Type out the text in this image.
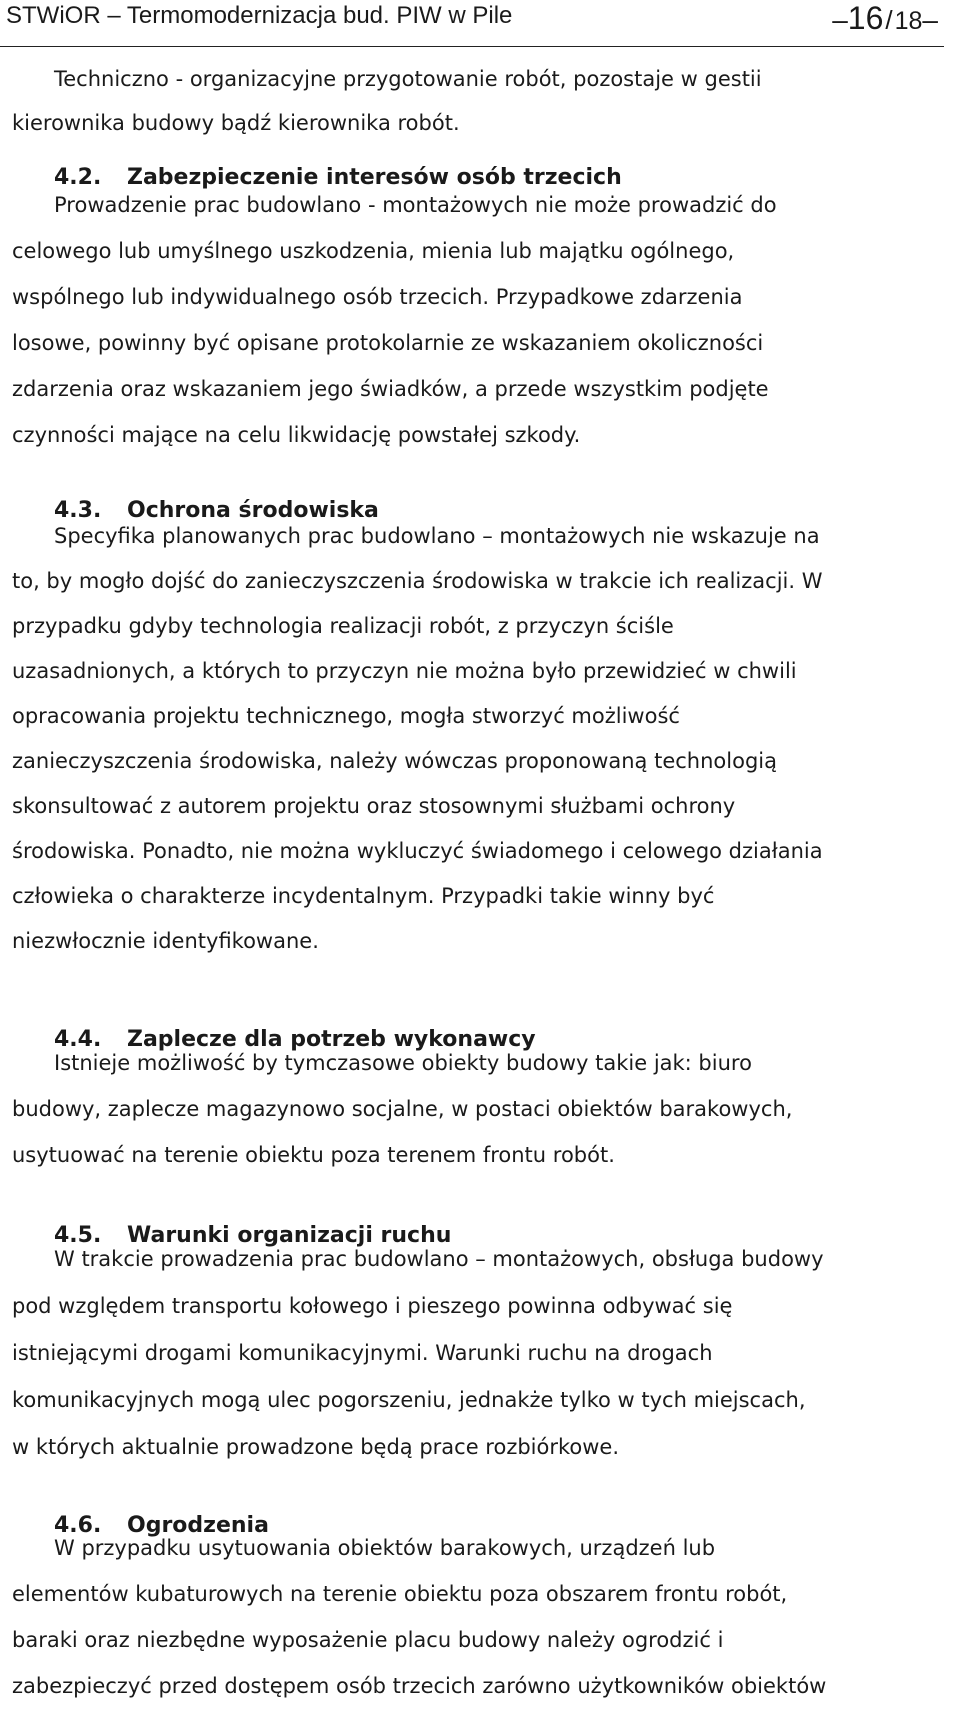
STWiOR – Termomodernizacja bud. PIW w Pile	–16/18–
Techniczno - organizacyjne przygotowanie robót, pozostaje w gestii
kierownika budowy bądź kierownika robót.
4.2. Zabezpieczenie interesów osób trzecich
Prowadzenie prac budowlano - montażowych nie może prowadzić do
celowego lub umyślnego uszkodzenia, mienia lub majątku ogólnego,
wspólnego lub indywidualnego osób trzecich. Przypadkowe zdarzenia
losowe, powinny być opisane protokolarnie ze wskazaniem okoliczności
zdarzenia oraz wskazaniem jego świadków, a przede wszystkim podjęte
czynności mające na celu likwidację powstałej szkody.
4.3. Ochrona środowiska
Specyfika planowanych prac budowlano – montażowych nie wskazuje na
to, by mogło dojść do zanieczyszczenia środowiska w trakcie ich realizacji. W
przypadku gdyby technologia realizacji robót, z przyczyn ściśle
uzasadnionych, a których to przyczyn nie można było przewidzieć w chwili
opracowania projektu technicznego, mogła stworzyć możliwość
zanieczyszczenia środowiska, należy wówczas proponowaną technologią
skonsultować z autorem projektu oraz stosownymi służbami ochrony
środowiska. Ponadto, nie można wykluczyć świadomego i celowego działania
człowieka o charakterze incydentalnym. Przypadki takie winny być
niezwłocznie identyfikowane.
4.4. Zaplecze dla potrzeb wykonawcy
Istnieje możliwość by tymczasowe obiekty budowy takie jak: biuro
budowy, zaplecze magazynowo socjalne, w postaci obiektów barakowych,
usytuować na terenie obiektu poza terenem frontu robót.
4.5. Warunki organizacji ruchu
W trakcie prowadzenia prac budowlano – montażowych, obsługa budowy
pod względem transportu kołowego i pieszego powinna odbywać się
istniejącymi drogami komunikacyjnymi. Warunki ruchu na drogach
komunikacyjnych mogą ulec pogorszeniu, jednakże tylko w tych miejscach,
w których aktualnie prowadzone będą prace rozbiórkowe.
4.6. Ogrodzenia
W przypadku usytuowania obiektów barakowych, urządzeń lub
elementów kubaturowych na terenie obiektu poza obszarem frontu robót,
baraki oraz niezbędne wyposażenie placu budowy należy ogrodzić i
zabezpieczyć przed dostępem osób trzecich zarówno użytkowników obiektów
